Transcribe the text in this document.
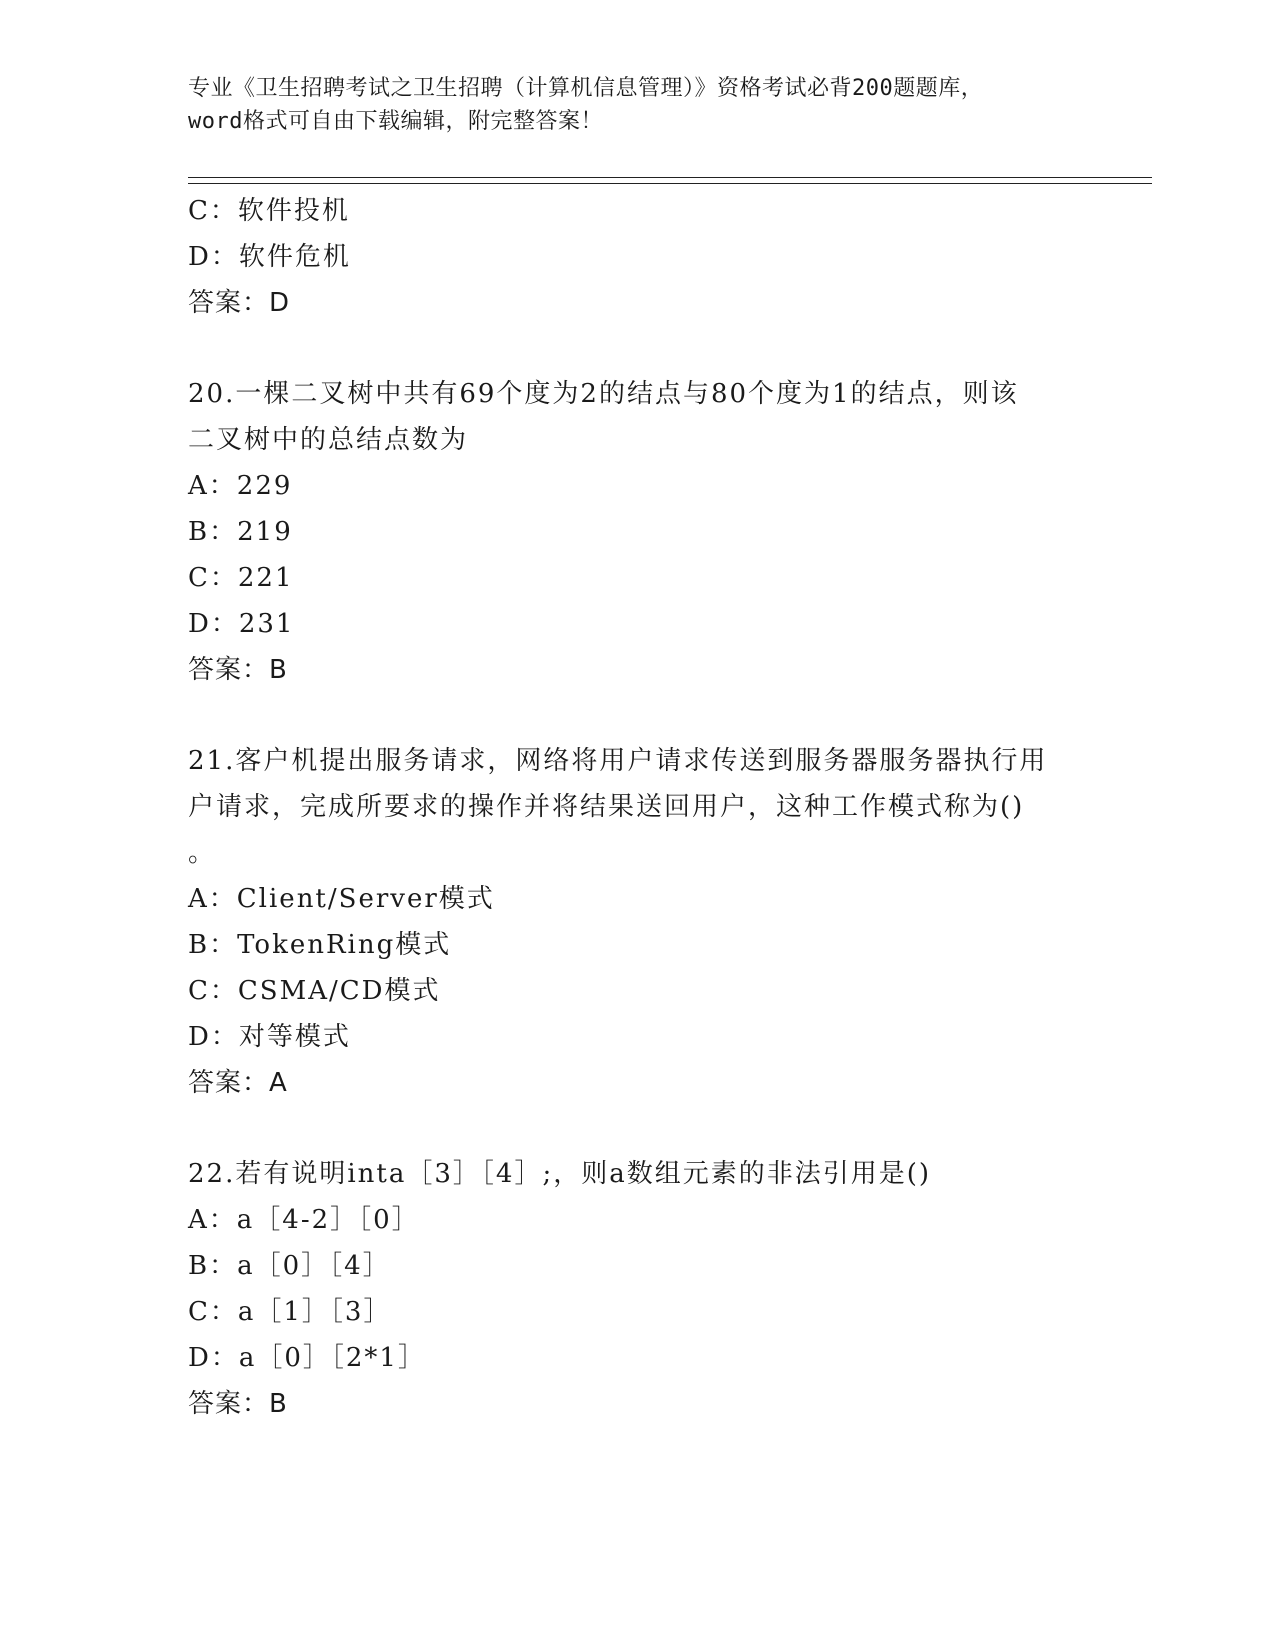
专业《卫生招聘考试之卫生招聘（计算机信息管理）》资格考试必背200题题库，
word格式可自由下载编辑，附完整答案！
C：软件投机
D：软件危机
答案：D
20.一棵二叉树中共有69个度为2的结点与80个度为1的结点，则该
二叉树中的总结点数为
A：229
B：219
C：221
D：231
答案：B
21.客户机提出服务请求，网络将用户请求传送到服务器服务器执行用
户请求，完成所要求的操作并将结果送回用户，这种工作模式称为()
。
A：Client/Server模式
B：TokenRing模式
C：CSMA/CD模式
D：对等模式
答案：A
22.若有说明inta［3］［4］;，则a数组元素的非法引用是()
A：a［4-2］［0］
B：a［0］［4］
C：a［1］［3］
D：a［0］［2*1］
答案：B
